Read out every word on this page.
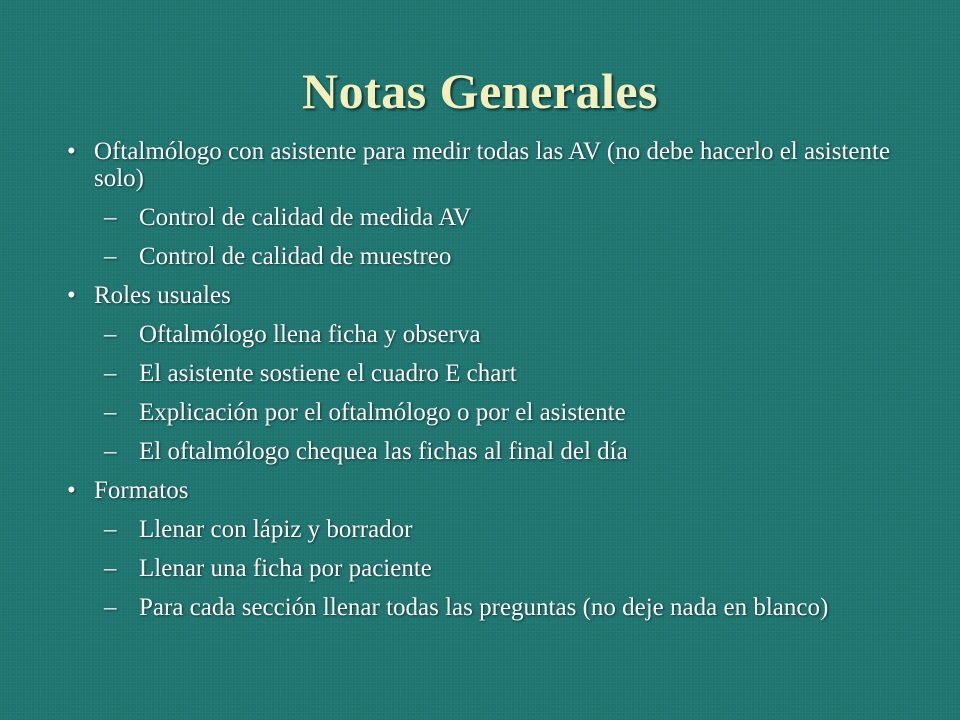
Notas Generales
• Oftalmólogo con asistente para medir todas las AV (no debe hacerlo el asistente solo)
– Control de calidad de medida AV
– Control de calidad de muestreo
• Roles usuales
– Oftalmólogo llena ficha y observa
– El asistente sostiene el cuadro E chart
– Explicación por el oftalmólogo o por el asistente
– El oftalmólogo chequea las fichas al final del día
• Formatos
– Llenar con lápiz y borrador
– Llenar una ficha por paciente
– Para cada sección llenar todas las preguntas (no deje nada en blanco)
